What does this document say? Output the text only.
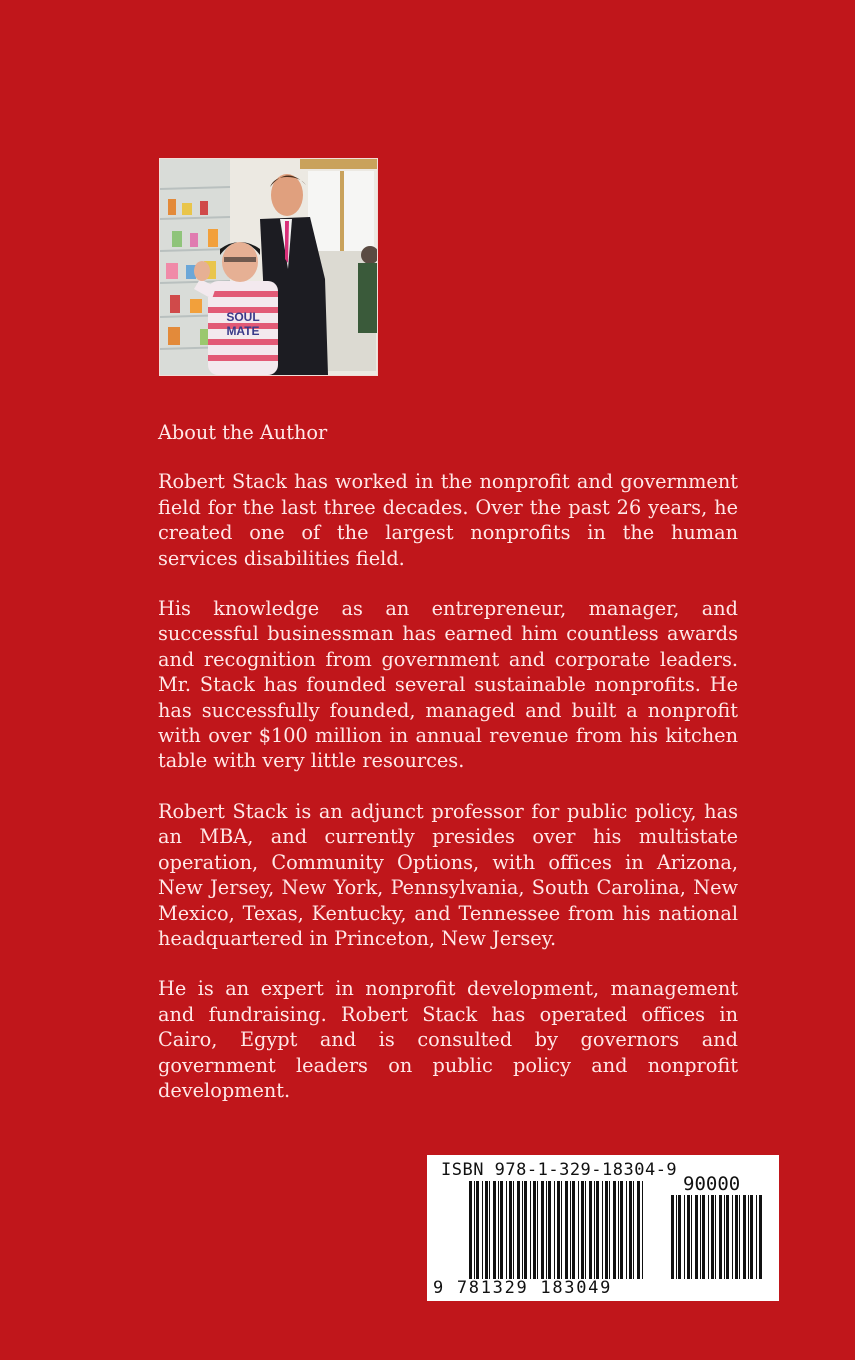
SOUL
MATE

About the Author

Robert Stack has worked in the nonprofit and government field for the last three decades. Over the past 26 years, he created one of the largest nonprofits in the human services disabilities field.

His knowledge as an entrepreneur, manager, and successful businessman has earned him countless awards and recognition from government and corporate leaders. Mr. Stack has founded several sustainable nonprofits. He has successfully founded, managed and built a nonprofit with over $100 million in annual revenue from his kitchen table with very little resources.

Robert Stack is an adjunct professor for public policy, has an MBA, and currently presides over his multistate operation, Community Options, with offices in Arizona, New Jersey, New York, Pennsylvania, South Carolina, New Mexico, Texas, Kentucky, and Tennessee from his national headquartered in Princeton, New Jersey.

He is an expert in nonprofit development, management and fundraising. Robert Stack has operated offices in Cairo, Egypt and is consulted by governors and government leaders on public policy and nonprofit development.

ISBN 978-1-329-18304-9
90000
9 781329 183049
